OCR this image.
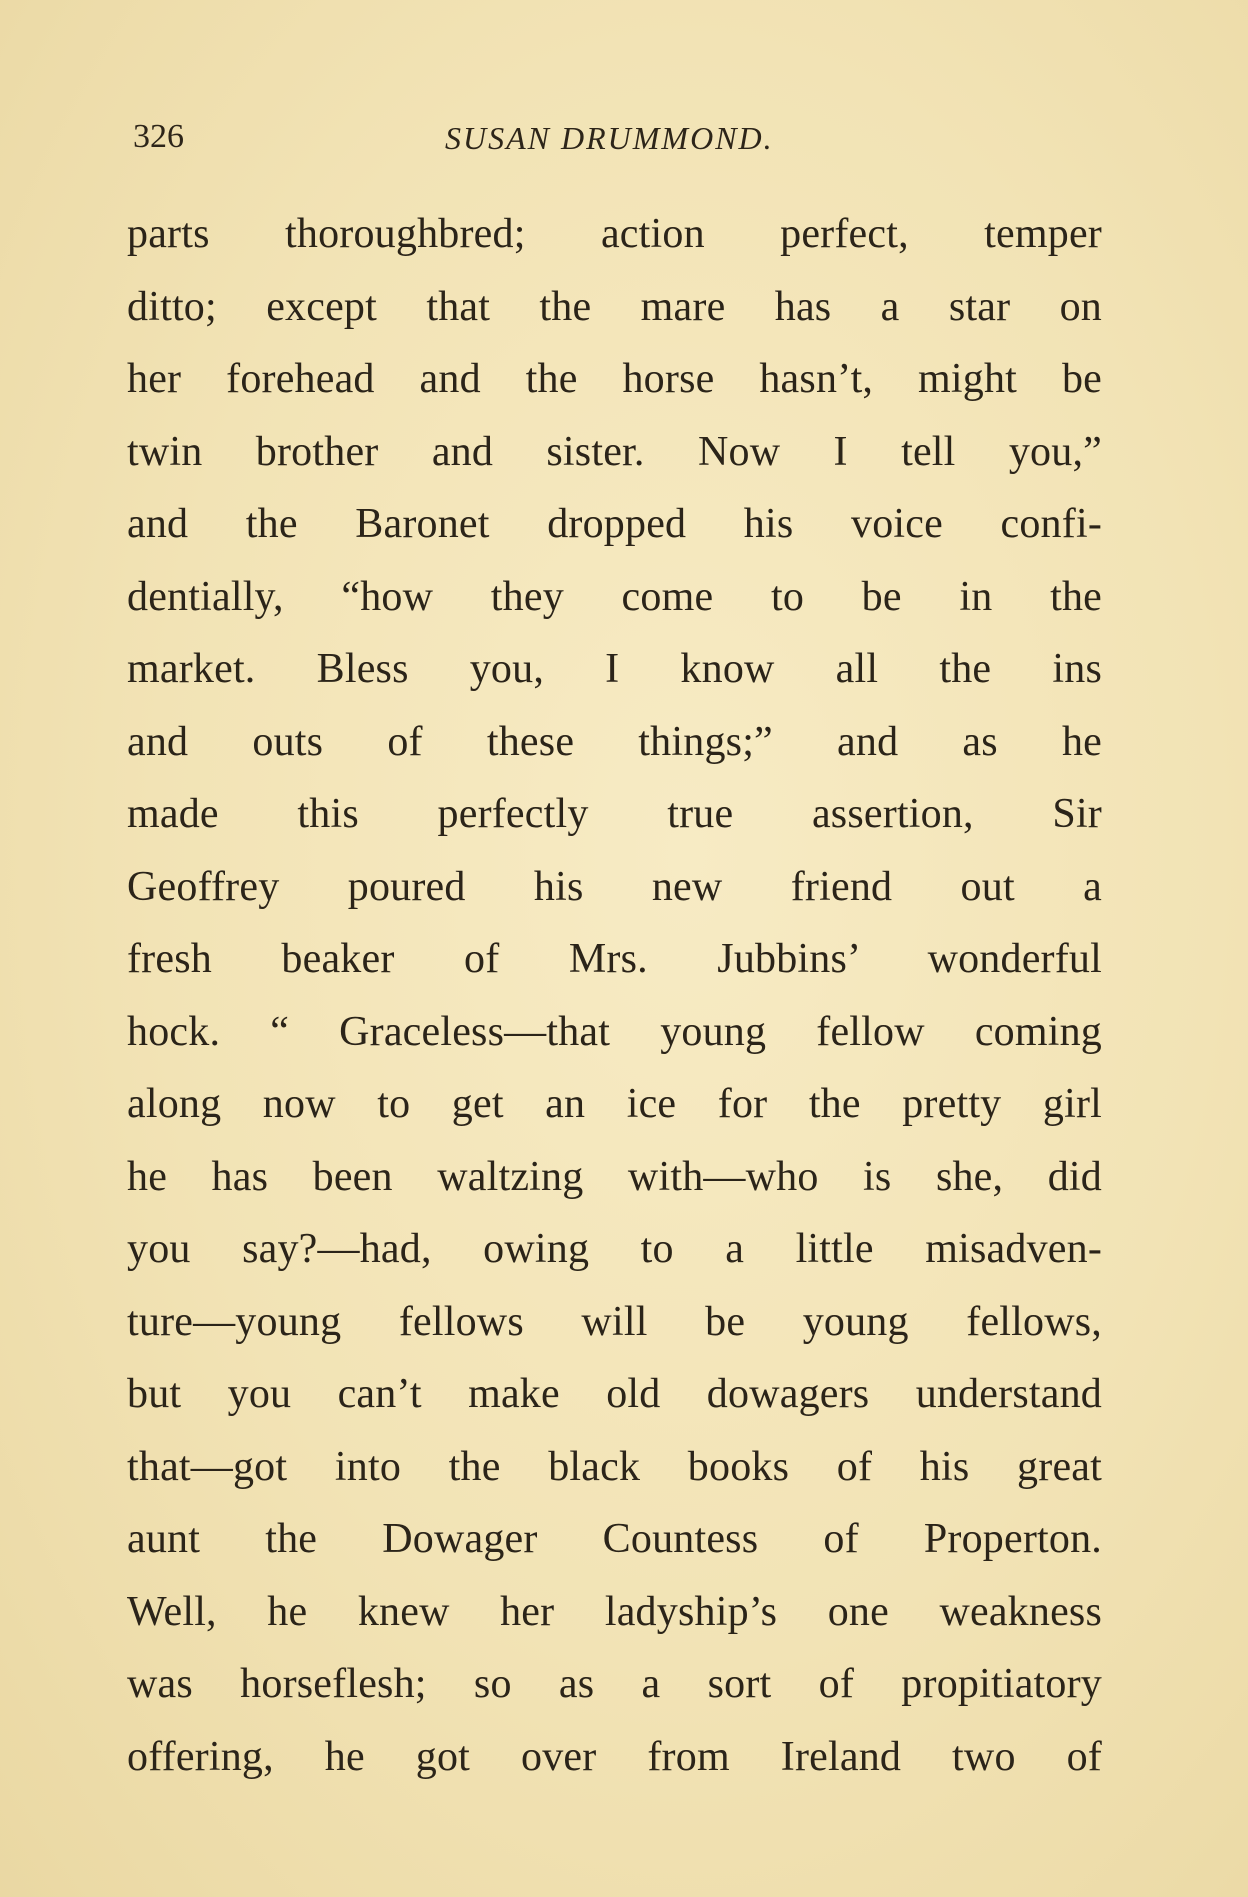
326	SUSAN DRUMMOND.
parts thoroughbred; action perfect, temper
ditto; except that the mare has a star on
her forehead and the horse hasn’t, might be
twin brother and sister. Now I tell you,”
and the Baronet dropped his voice confi-
dentially, “how they come to be in the
market. Bless you, I know all the ins
and outs of these things;” and as he
made this perfectly true assertion, Sir
Geoffrey poured his new friend out a
fresh beaker of Mrs. Jubbins’ wonderful
hock. “ Graceless—that young fellow coming
along now to get an ice for the pretty girl
he has been waltzing with—who is she, did
you say?—had, owing to a little misadven-
ture—young fellows will be young fellows,
but you can’t make old dowagers understand
that—got into the black books of his great
aunt the Dowager Countess of Properton.
Well, he knew her ladyship’s one weakness
was horseflesh; so as a sort of propitiatory
offering, he got over from Ireland two of
